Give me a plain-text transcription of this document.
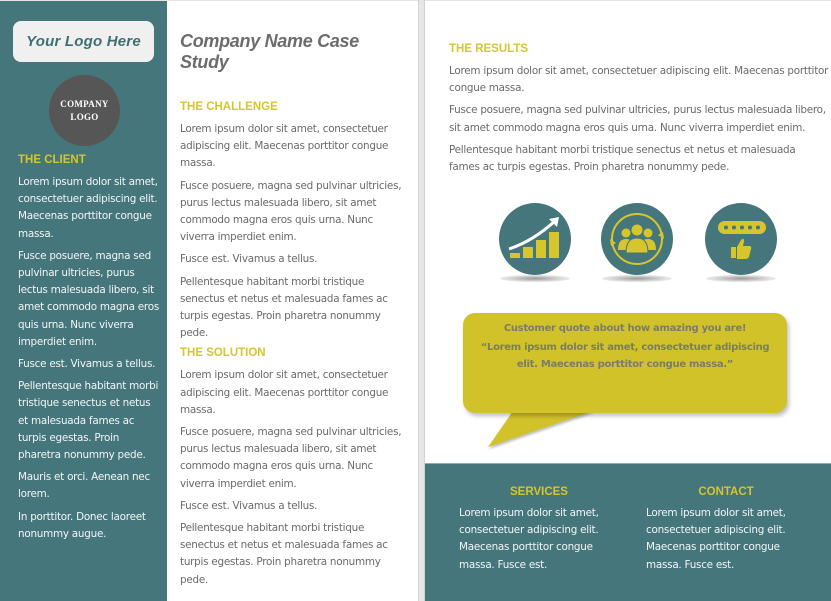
Your Logo Here
COMPANY
LOGO
THE CLIENT

Lorem ipsum dolor sit amet, consectetuer adipiscing elit. Maecenas porttitor congue massa.

Fusce posuere, magna sed pulvinar ultricies, purus lectus malesuada libero, sit amet commodo magna eros quis urna. Nunc viverra imperdiet enim.

Fusce est. Vivamus a tellus.

Pellentesque habitant morbi tristique senectus et netus et malesuada fames ac turpis egestas. Proin pharetra nonummy pede.

Mauris et orci. Aenean nec lorem.

In porttitor. Donec laoreet nonummy augue.

Company Name Case Study
THE CHALLENGE

Lorem ipsum dolor sit amet, consectetuer adipiscing elit. Maecenas porttitor congue massa.

Fusce posuere, magna sed pulvinar ultricies, purus lectus malesuada libero, sit amet commodo magna eros quis urna. Nunc viverra imperdiet enim.

Fusce est. Vivamus a tellus.

Pellentesque habitant morbi tristique senectus et netus et malesuada fames ac turpis egestas. Proin pharetra nonummy pede.

THE SOLUTION

Lorem ipsum dolor sit amet, consectetuer adipiscing elit. Maecenas porttitor congue massa.

Fusce posuere, magna sed pulvinar ultricies, purus lectus malesuada libero, sit amet commodo magna eros quis urna. Nunc viverra imperdiet enim.

Fusce est. Vivamus a tellus.

Pellentesque habitant morbi tristique senectus et netus et malesuada fames ac turpis egestas. Proin pharetra nonummy pede.

THE RESULTS

Lorem ipsum dolor sit amet, consectetuer adipiscing elit. Maecenas porttitor congue massa.

Fusce posuere, magna sed pulvinar ultricies, purus lectus malesuada libero, sit amet commodo magna eros quis urna. Nunc viverra imperdiet enim.

Pellentesque habitant morbi tristique senectus et netus et malesuada fames ac turpis egestas. Proin pharetra nonummy pede.

Customer quote about how amazing you are!
“Lorem ipsum dolor sit amet, consectetuer adipiscing elit. Maecenas porttitor congue massa.”
SERVICES

Lorem ipsum dolor sit amet, consectetuer adipiscing elit. Maecenas porttitor congue massa. Fusce est.

CONTACT

Lorem ipsum dolor sit amet, consectetuer adipiscing elit. Maecenas porttitor congue massa. Fusce est.
